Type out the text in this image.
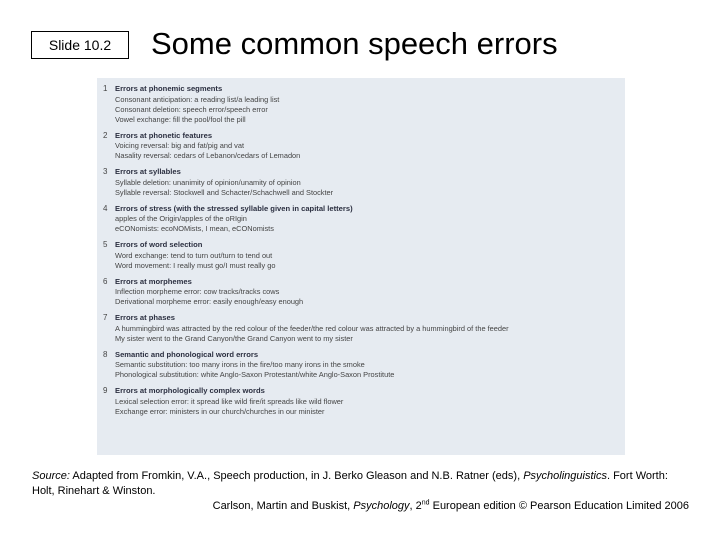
Slide 10.2	Some common speech errors
1 Errors at phonemic segments
Consonant anticipation: a reading list/a leading list
Consonant deletion: speech error/speech error
Vowel exchange: fill the pool/fool the pill
2 Errors at phonetic features
Voicing reversal: big and fat/pig and vat
Nasality reversal: cedars of Lebanon/cedars of Lemadon
3 Errors at syllables
Syllable deletion: unanimity of opinion/unamity of opinion
Syllable reversal: Stockwell and Schacter/Schachwell and Stockter
4 Errors of stress (with the stressed syllable given in capital letters)
apples of the Origin/apples of the oRIgin
eCONomists: ecoNOMists, I mean, eCONomists
5 Errors of word selection
Word exchange: tend to turn out/turn to tend out
Word movement: I really must go/I must really go
6 Errors at morphemes
Inflection morpheme error: cow tracks/tracks cows
Derivational morpheme error: easily enough/easy enough
7 Errors at phases
A hummingbird was attracted by the red colour of the feeder/the red colour was attracted by a hummingbird of the feeder
My sister went to the Grand Canyon/the Grand Canyon went to my sister
8 Semantic and phonological word errors
Semantic substitution: too many irons in the fire/too many irons in the smoke
Phonological substitution: white Anglo-Saxon Protestant/white Anglo-Saxon Prostitute
9 Errors at morphologically complex words
Lexical selection error: it spread like wild fire/it spreads like wild flower
Exchange error: ministers in our church/churches in our minister
Source: Adapted from Fromkin, V.A., Speech production, in J. Berko Gleason and N.B. Ratner (eds), Psycholinguistics. Fort Worth: Holt, Rinehart & Winston.
Carlson, Martin and Buskist, Psychology, 2nd European edition © Pearson Education Limited 2006
